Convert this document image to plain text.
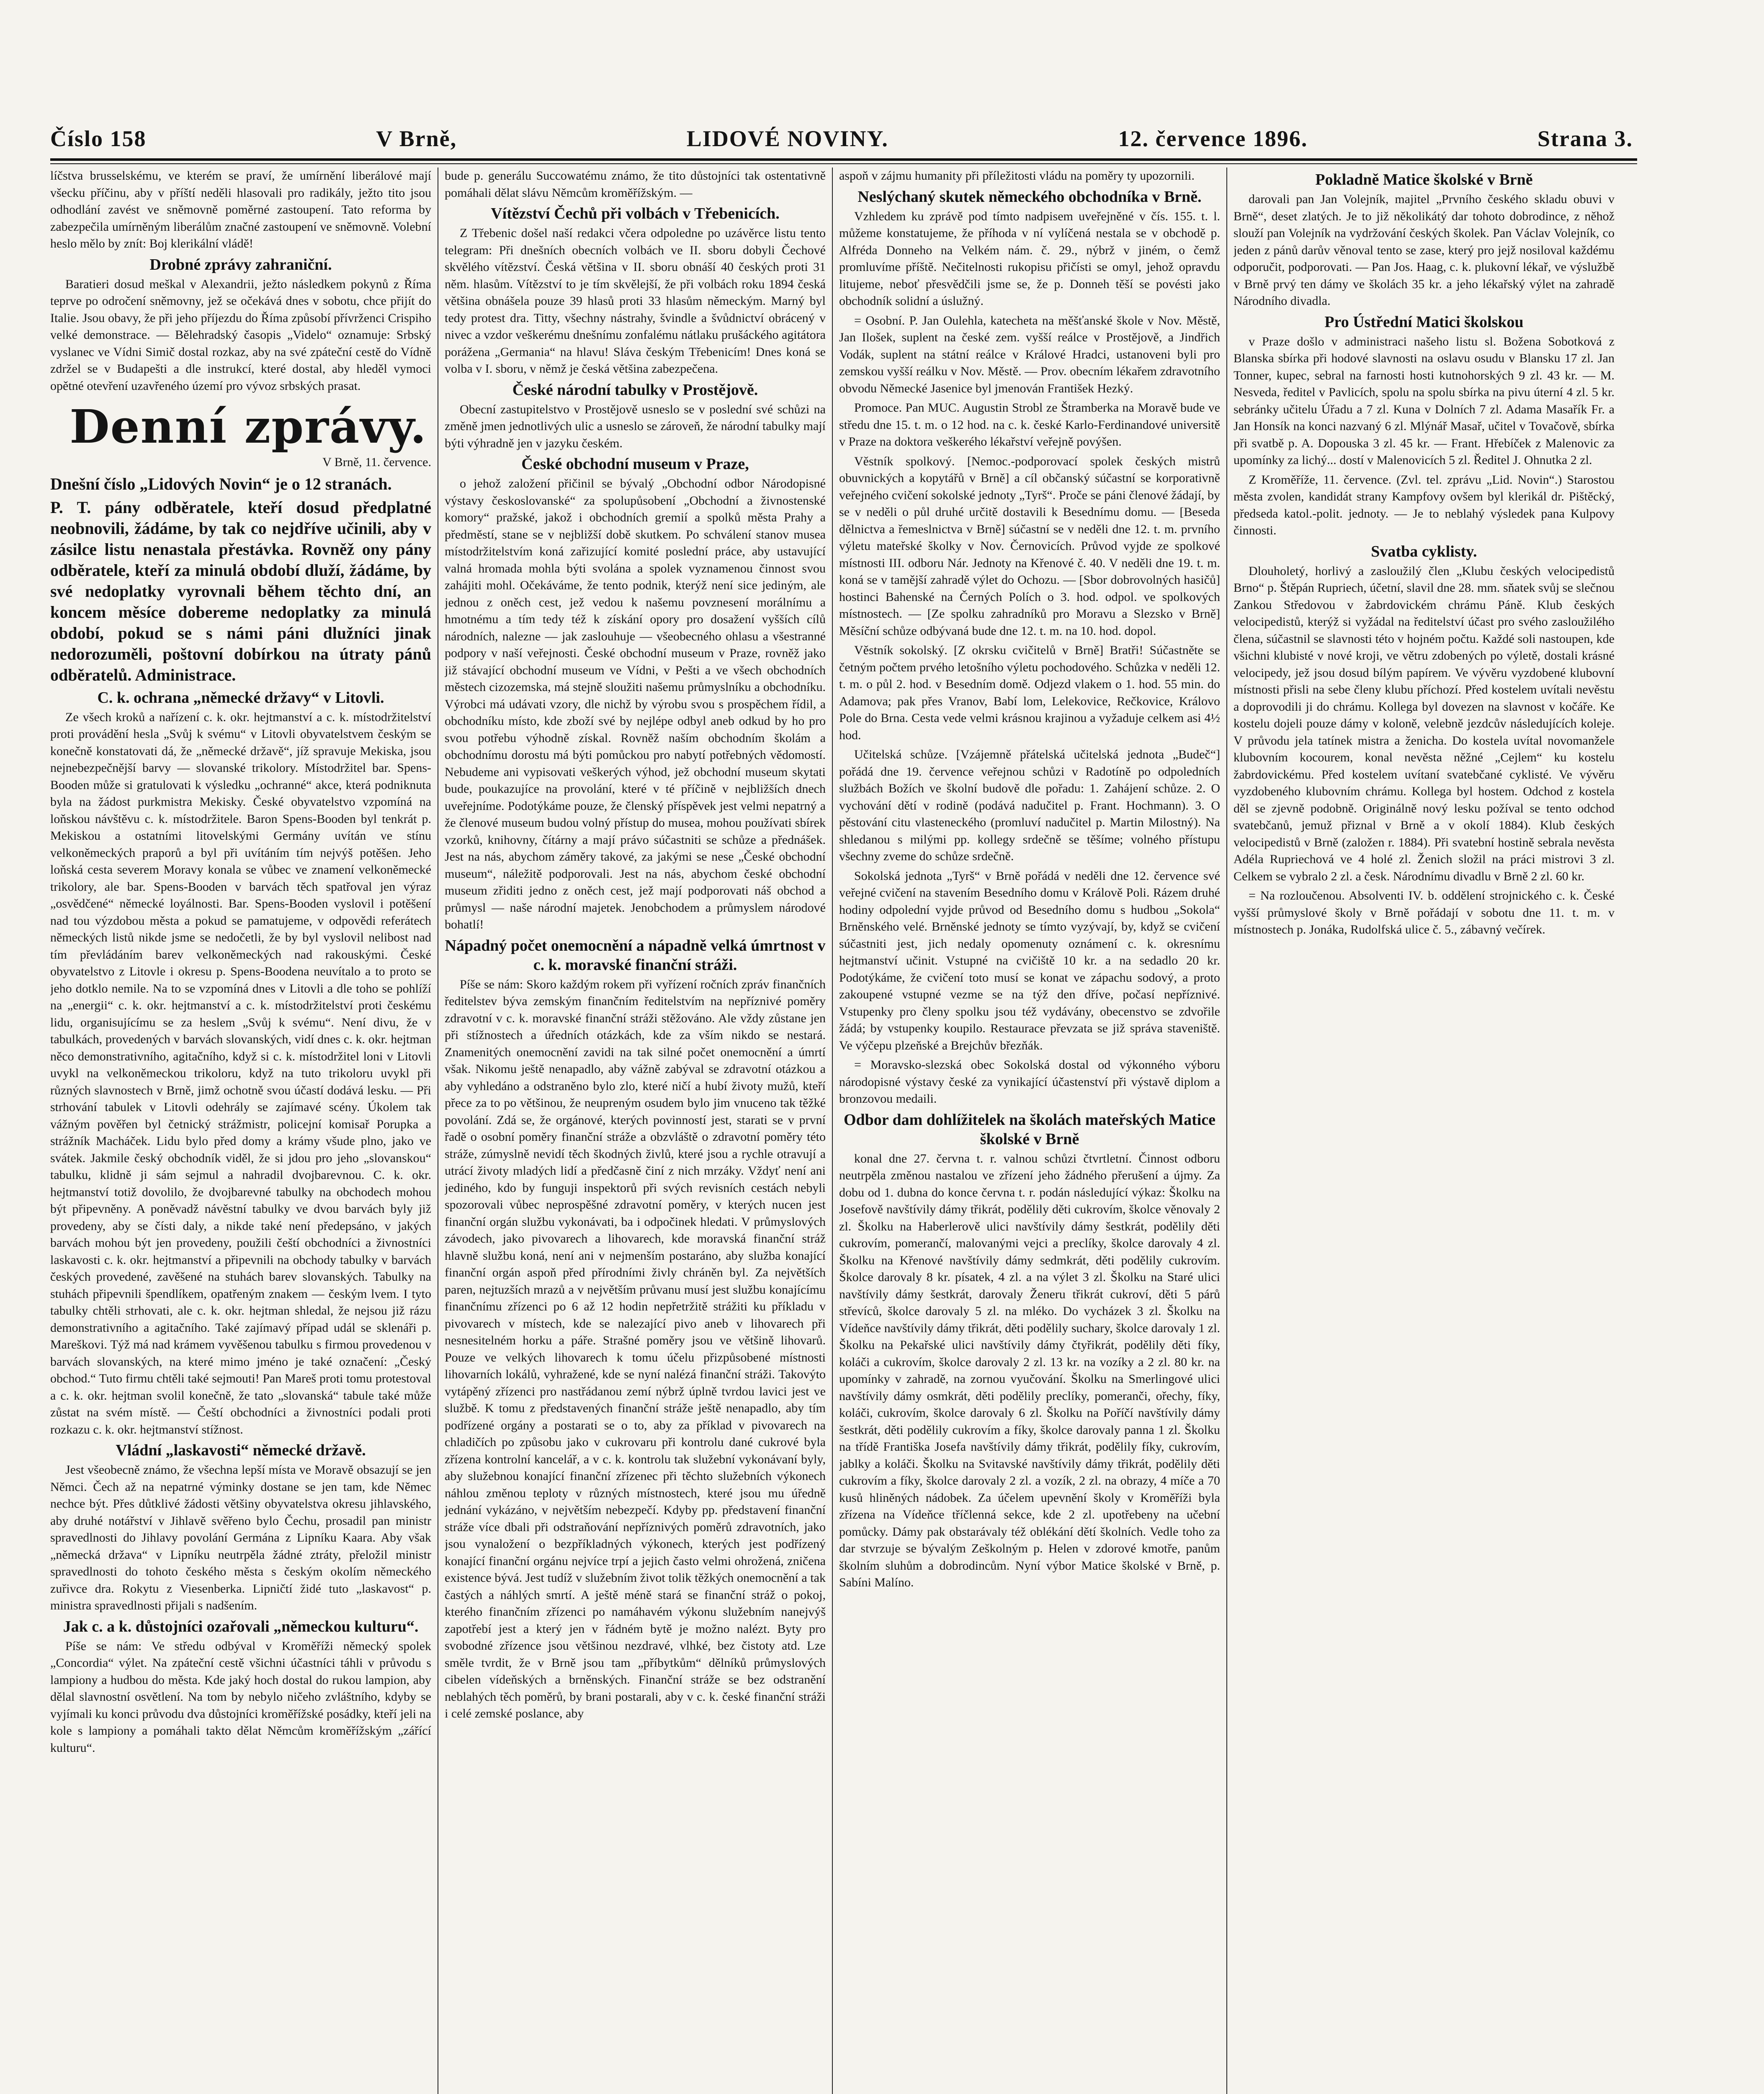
Číslo 158	V Brně,	LIDOVÉ NOVINY.	12. července 1896.	Strana 3.

líčstva brusselskému, ve kterém se praví, že umírnění liberálové mají všecku příčinu, aby v příští neděli hlasovali pro radikály, ježto tito jsou odhodlání zavést ve sněmovně poměrné zastoupení. Tato reforma by zabezpečila umírněným liberálům značné zastoupení ve sněmovně. Volební heslo mělo by znít: Boj klerikální vládě!

Drobné zprávy zahraniční.

Baratieri dosud meškal v Alexandrii, ježto následkem pokynů z Říma teprve po odročení sněmovny, jež se očekává dnes v sobotu, chce přijít do Italie. Jsou obavy, že při jeho příjezdu do Říma způsobí přívrženci Crispiho velké demonstrace. — Bělehradský časopis „Videlo“ oznamuje: Srbský vyslanec ve Vídni Simič dostal rozkaz, aby na své zpáteční cestě do Vídně zdržel se v Budapešti a dle instrukcí, které dostal, aby hleděl vymoci opětné otevření uzavřeného území pro vývoz srbských prasat.

Denní zprávy.

V Brně, 11. července.

Dnešní číslo „Lidových Novin“ je o 12 stranách.

P. T. pány odběratele, kteří dosud předplatné neobnovili, žádáme, by tak co nejdříve učinili, aby v zásilce listu nenastala přestávka. Rovněž ony pány odběratele, kteří za minulá období dluží, žádáme, by své nedoplatky vyrovnali během těchto dní, an koncem měsíce dobereme nedoplatky za minulá období, pokud se s námi páni dlužníci jinak nedorozuměli, poštovní dobírkou na útraty pánů odběratelů. Administrace.

C. k. ochrana „německé državy“ v Litovli.

Ze všech kroků a nařízení c. k. okr. hejtmanství a c. k. místodržitelství proti provádění hesla „Svůj k svému“ v Litovli obyvatelstvem českým se konečně konstatovati dá, že „německé državě“, jíž spravuje Mekiska, jsou nejnebezpečnější barvy — slovanské trikolory. Místodržitel bar. Spens-Booden může si gratulovati k výsledku „ochranné“ akce, která podniknuta byla na žádost purkmistra Mekisky. České obyvatelstvo vzpomíná na loňskou návštěvu c. k. místodržitele. Baron Spens-Booden byl tenkrát p. Mekiskou a ostatními litovelskými Germány uvítán ve stínu velkoněmeckých praporů a byl při uvítáním tím nejvýš potěšen. Jeho loňská cesta severem Moravy konala se vůbec ve znamení velkoněmecké trikolory, ale bar. Spens-Booden v barvách těch spatřoval jen výraz „osvědčené“ německé loyálnosti. Bar. Spens-Booden vyslovil i potěšení nad tou výzdobou města a pokud se pamatujeme, v odpovědi referátech německých listů nikde jsme se nedočetli, že by byl vyslovil nelibost nad tím převládáním barev velkoněmeckých nad rakouskými. České obyvatelstvo z Litovle i okresu p. Spens-Boodena neuvítalo a to proto se jeho dotklo nemile. Na to se vzpomíná dnes v Litovli a dle toho se pohlíží na „energii“ c. k. okr. hejtmanství a c. k. místodržitelství proti českému lidu, organisujícímu se za heslem „Svůj k svému“. Není divu, že v tabulkách, provedených v barvách slovanských, vidí dnes c. k. okr. hejtman něco demonstrativního, agitačního, když si c. k. místodržitel loni v Litovli uvykl na velkoněmeckou trikoloru, když na tuto trikoloru uvykl při různých slavnostech v Brně, jimž ochotně svou účastí dodává lesku. — Při strhování tabulek v Litovli odehrály se zajímavé scény. Úkolem tak vážným pověřen byl četnický strážmistr, policejní komisař Porupka a strážník Macháček. Lidu bylo před domy a krámy všude plno, jako ve svátek. Jakmile český obchodník viděl, že si jdou pro jeho „slovanskou“ tabulku, klidně ji sám sejmul a nahradil dvojbarevnou. C. k. okr. hejtmanství totiž dovolilo, že dvojbarevné tabulky na obchodech mohou být připevněny. A poněvadž návěstní tabulky ve dvou barvách byly již provedeny, aby se čísti daly, a nikde také není předepsáno, v jakých barvách mohou být jen provedeny, použili čeští obchodníci a živnostníci laskavosti c. k. okr. hejtmanství a připevnili na obchody tabulky v barvách českých provedené, zavěšené na stuhách barev slovanských. Tabulky na stuhách připevnili špendlíkem, opatřeným znakem — českým lvem. I tyto tabulky chtěli strhovati, ale c. k. okr. hejtman shledal, že nejsou již rázu demonstrativního a agitačního. Také zajímavý případ udál se sklenáři p. Mareškovi. Týž má nad krámem vyvěšenou tabulku s firmou provedenou v barvách slovanských, na které mimo jméno je také označení: „Český obchod.“ Tuto firmu chtěli také sejmouti! Pan Mareš proti tomu protestoval a c. k. okr. hejtman svolil konečně, že tato „slovanská“ tabule také může zůstat na svém místě. — Čeští obchodníci a živnostníci podali proti rozkazu c. k. okr. hejtmanství stížnost.

Vládní „laskavosti“ německé državě.

Jest všeobecně známo, že všechna lepší místa ve Moravě obsazují se jen Němci. Čech až na nepatrné výminky dostane se jen tam, kde Němec nechce být. Přes důtklivé žádosti většiny obyvatelstva okresu jihlavského, aby druhé notářství v Jihlavě svěřeno bylo Čechu, prosadil pan ministr spravedlnosti do Jihlavy povolání Germána z Lipníku Kaara. Aby však „německá država“ v Lipníku neutrpěla žádné ztráty, přeložil ministr spravedlnosti do tohoto českého města s českým okolím německého zuřivce dra. Rokytu z Viesenberka. Lipničtí židé tuto „laskavost“ p. ministra spravedlnosti přijali s nadšením.

Jak c. a k. důstojníci ozařovali „německou kulturu“.

Píše se nám: Ve středu odbýval v Kroměříži německý spolek „Concordia“ výlet. Na zpáteční cestě všichni účastníci táhli v průvodu s lampiony a hudbou do města. Kde jaký hoch dostal do rukou lampion, aby dělal slavnostní osvětlení. Na tom by nebylo ničeho zvláštního, kdyby se vyjímali ku konci průvodu dva důstojníci kroměřížské posádky, kteří jeli na kole s lampiony a pomáhali takto dělat Němcům kroměřížským „zářící kulturu“.

bude p. generálu Succowatému známo, že tito důstojníci tak ostentativně pomáhali dělat slávu Němcům kroměřížským. —

Vítězství Čechů při volbách v Třebenicích.

Z Třebenic došel naší redakci včera odpoledne po uzávěrce listu tento telegram: Při dnešních obecních volbách ve II. sboru dobyli Čechové skvělého vítězství. Česká většina v II. sboru obnáší 40 českých proti 31 něm. hlasům. Vítězství to je tím skvělejší, že při volbách roku 1894 česká většina obnášela pouze 39 hlasů proti 33 hlasům německým. Marný byl tedy protest dra. Titty, všechny nástrahy, švindle a švůdnictví obrácený v nivec a vzdor veškerému dnešnímu zonfalému nátlaku prušáckého agitátora porážena „Germania“ na hlavu! Sláva českým Třebenicím! Dnes koná se volba v I. sboru, v němž je česká většina zabezpečena.

České národní tabulky v Prostějově.

Obecní zastupitelstvo v Prostějově usneslo se v poslední své schůzi na změně jmen jednotlivých ulic a usneslo se zároveň, že národní tabulky mají býti výhradně jen v jazyku českém.

České obchodní museum v Praze,

o jehož založení přičinil se bývalý „Obchodní odbor Národopisné výstavy českoslovanské“ za spolupůsobení „Obchodní a živnostenské komory“ pražské, jakož i obchodních gremií a spolků města Prahy a předměstí, stane se v nejbližší době skutkem. Po schválení stanov musea místodržitelstvím koná zařizující komité poslední práce, aby ustavující valná hromada mohla býti svolána a spolek vyznamenou činnost svou zahájiti mohl. Očekáváme, že tento podnik, kterýž není sice jediným, ale jednou z oněch cest, jež vedou k našemu povznesení morálnímu a hmotnému a tím tedy též k získání opory pro dosažení vyšších cílů národních, nalezne — jak zaslouhuje — všeobecného ohlasu a všestranné podpory v naší veřejnosti. České obchodní museum v Praze, rovněž jako již stávající obchodní museum ve Vídni, v Pešti a ve všech obchodních městech cizozemska, má stejně sloužiti našemu průmyslníku a obchodníku. Výrobci má udávati vzory, dle nichž by výrobu svou s prospěchem řídil, a obchodníku místo, kde zboží své by nejlépe odbyl aneb odkud by ho pro svou potřebu výhodně získal. Rovněž naším obchodním školám a obchodnímu dorostu má býti pomůckou pro nabytí potřebných vědomostí. Nebudeme ani vypisovati veškerých výhod, jež obchodní museum skytati bude, poukazujíce na provolání, které v té příčině v nejbližších dnech uveřejníme. Podotýkáme pouze, že členský příspěvek jest velmi nepatrný a že členové museum budou volný přístup do musea, mohou používati sbírek vzorků, knihovny, čítárny a mají právo súčastniti se schůze a přednášek. Jest na nás, abychom záměry takové, za jakými se nese „České obchodní museum“, náležitě podporovali. Jest na nás, abychom české obchodní museum zřiditi jedno z oněch cest, jež mají podporovati náš obchod a průmysl — naše národní majetek. Jenobchodem a průmyslem národové bohatlí!

Nápadný počet onemocnění a nápadně velká úmrtnost v c. k. moravské finanční stráži.

Píše se nám: Skoro každým rokem při vyřízení ročních zpráv finančních ředitelstev býva zemským finančním ředitelstvím na nepříznivé poměry zdravotní v c. k. moravské finanční stráži stěžováno. Ale vždy zůstane jen při stížnostech a úředních otázkách, kde za vším nikdo se nestará. Znamenitých onemocnění zavidi na tak silné počet onemocnění a úmrtí však. Nikomu ještě nenapadlo, aby vážně zabýval se zdravotní otázkou a aby vyhledáno a odstraněno bylo zlo, které ničí a hubí životy mužů, kteří přece za to po většinou, že neupreným osudem bylo jim vnuceno tak těžké povolání. Zdá se, že orgánové, kterých povinností jest, starati se v první řadě o osobní poměry finanční stráže a obzvláště o zdravotní poměry této stráže, zúmyslně nevidí těch škodných živlů, které jsou a rychle otravují a utrácí životy mladých lidí a předčasně činí z nich mrzáky. Vždyť není ani jediného, kdo by funguji inspektorů při svých revisních cestách nebyli spozorovali vůbec neprospěšné zdravotní poměry, v kterých nucen jest finanční orgán službu vykonávati, ba i odpočinek hledati. V průmyslových závodech, jako pivovarech a lihovarech, kde moravská finanční stráž hlavně službu koná, není ani v nejmenším postaráno, aby služba konající finanční orgán aspoň před přírodními živly chráněn byl. Za největších paren, nejtuzších mrazů a v největším průvanu musí jest službu konajícímu finančnímu zřízenci po 6 až 12 hodin nepřetržitě strážiti ku příkladu v pivovarech v místech, kde se nalezající pivo aneb v lihovarech při nesnesitelném horku a páře. Strašné poměry jsou ve většině lihovarů. Pouze ve velkých lihovarech k tomu účelu přizpůsobené místnosti lihovarních lokálů, vyhražené, kde se nyní nalézá finanční stráži. Takovýto vytápěný zřízenci pro nastřádanou zemí nýbrž úplně tvrdou lavici jest ve službě. K tomu z představených finanční stráže ještě nenapadlo, aby tím podřízené orgány a postarati se o to, aby za příklad v pivovarech na chladičích po způsobu jako v cukrovaru při kontrolu dané cukrové byla zřízena kontrolní kancelář, a v c. k. kontrolu tak služební vykonávaní byly, aby služebnou konající finanční zřízenec při těchto služebních výkonech náhlou změnou teploty v různých místnostech, které jsou mu úředně jednání vykázáno, v největším nebezpečí. Kdyby pp. představení finanční stráže více dbali při odstraňování nepříznivých poměrů zdravotních, jako jsou vynaložení o bezpříkladných výkonech, kterých jest podřízený konající finanční orgánu nejvíce trpí a jejich často velmi ohrožená, zničena existence bývá. Jest tudíž v služebním život tolik těžkých onemocnění a tak častých a náhlých smrtí. A ještě méně stará se finanční stráž o pokoj, kterého finančním zřízenci po namáhavém výkonu služebním nanejvýš zapotřebí jest a který jen v řádném bytě je možno nalézt. Byty pro svobodné zřízence jsou většinou nezdravé, vlhké, bez čistoty atd. Lze směle tvrdit, že v Brně jsou tam „příbytkům“ dělníků průmyslových cibelen vídeňských a brněnských. Finanční stráže se bez odstranění neblahých těch poměrů, by brani postarali, aby v c. k. české finanční stráži i celé zemské poslance, aby

aspoň v zájmu humanity při příležitosti vládu na poměry ty upozornili.

Neslýchaný skutek německého obchodníka v Brně.

Vzhledem ku zprávě pod tímto nadpisem uveřejněné v čís. 155. t. l. můžeme konstatujeme, že příhoda v ní vylíčená nestala se v obchodě p. Alfréda Donneho na Velkém nám. č. 29., nýbrž v jiném, o čemž promluvíme příště. Nečitelnosti rukopisu přičísti se omyl, jehož opravdu litujeme, neboť přesvědčili jsme se, že p. Donneh těší se povésti jako obchodník solidní a úslužný.

= Osobní. P. Jan Oulehla, katecheta na měšťanské škole v Nov. Městě, Jan Ilošek, suplent na české zem. vyšší reálce v Prostějově, a Jindřich Vodák, suplent na státní reálce v Králové Hradci, ustanoveni byli pro zemskou vyšší reálku v Nov. Městě. — Prov. obecním lékařem zdravotního obvodu Německé Jasenice byl jmenován František Hezký.

Promoce. Pan MUC. Augustin Strobl ze Štramberka na Moravě bude ve středu dne 15. t. m. o 12 hod. na c. k. české Karlo-Ferdinandové universitě v Praze na doktora veškerého lékařství veřejně povýšen.

Věstník spolkový. [Nemoc.-podporovací spolek českých mistrů obuvnických a kopytářů v Brně] a cíl občanský súčastní se korporativně veřejného cvičení sokolské jednoty „Tyrš“. Proče se páni členové žádají, by se v neděli o půl druhé určitě dostavili k Besednímu domu. — [Beseda dělnictva a řemeslnictva v Brně] súčastní se v neděli dne 12. t. m. prvního výletu mateřské školky v Nov. Černovicích. Průvod vyjde ze spolkové místnosti III. odboru Nár. Jednoty na Křenové č. 40. V neděli dne 19. t. m. koná se v tamější zahradě výlet do Ochozu. — [Sbor dobrovolných hasičů] hostinci Bahenské na Černých Polích o 3. hod. odpol. ve spolkových místnostech. — [Ze spolku zahradníků pro Moravu a Slezsko v Brně] Měsíční schůze odbývaná bude dne 12. t. m. na 10. hod. dopol.

Věstník sokolský. [Z okrsku cvičitelů v Brně] Bratři! Súčastněte se četným počtem prvého letošního výletu pochodového. Schůzka v neděli 12. t. m. o půl 2. hod. v Besedním domě. Odjezd vlakem o 1. hod. 55 min. do Adamova; pak přes Vranov, Babí lom, Lelekovice, Rečkovice, Královo Pole do Brna. Cesta vede velmi krásnou krajinou a vyžaduje celkem asi 4½ hod.

Učitelská schůze. [Vzájemně přátelská učitelská jednota „Budeč“] pořádá dne 19. července veřejnou schůzi v Radotíně po odpoledních službách Božích ve školní budově dle pořadu: 1. Zahájení schůze. 2. O vychování dětí v rodině (podává nadučitel p. Frant. Hochmann). 3. O pěstování citu vlasteneckého (promluví nadučitel p. Martin Milostný). Na shledanou s milými pp. kollegy srdečně se těšíme; volného přístupu všechny zveme do schůze srdečně.

Sokolská jednota „Tyrš“ v Brně pořádá v neděli dne 12. července své veřejné cvičení na stavením Besedního domu v Králově Poli. Rázem druhé hodiny odpolední vyjde průvod od Besedního domu s hudbou „Sokola“ Brněnského velé. Brněnské jednoty se tímto vyzývají, by, když se cvičení súčastniti jest, jich nedaly opomenuty oznámení c. k. okresnímu hejtmanství učinit. Vstupné na cvičiště 10 kr. a na sedadlo 20 kr. Podotýkáme, že cvičení toto musí se konat ve zápachu sodový, a proto zakoupené vstupné vezme se na týž den dříve, počasí nepříznivé. Vstupenky pro členy spolku jsou též vydávány, obecenstvo se zdvořile žádá; by vstupenky koupilo. Restaurace převzata se již správa staveniště. Ve výčepu plzeňské a Brejchův březňák.

= Moravsko-slezská obec Sokolská dostal od výkonného výboru národopisné výstavy české za vynikající účastenství při výstavě diplom a bronzovou medaili.

Odbor dam dohlížitelek na školách mateřských Matice školské v Brně

konal dne 27. června t. r. valnou schůzi čtvrtletní. Činnost odboru neutrpěla změnou nastalou ve zřízení jeho žádného přerušení a újmy. Za dobu od 1. dubna do konce června t. r. podán následující výkaz: Školku na Josefově navštívily dámy třikrát, podělily děti cukrovím, školce věnovaly 2 zl. Školku na Haberlerově ulici navštívily dámy šestkrát, podělily děti cukrovím, pomerančí, malovanými vejci a preclíky, školce darovaly 4 zl. Školku na Křenové navštívily dámy sedmkrát, děti podělily cukrovím. Školce darovaly 8 kr. písatek, 4 zl. a na výlet 3 zl. Školku na Staré ulici navštívily dámy šestkrát, darovaly Ženeru třikrát cukroví, děti 5 párů střevíců, školce darovaly 5 zl. na mléko. Do vycházek 3 zl. Školku na Vídeňce navštívily dámy třikrát, děti podělily suchary, školce darovaly 1 zl. Školku na Pekařské ulici navštívily dámy čtyřikrát, podělily děti fíky, koláči a cukrovím, školce darovaly 2 zl. 13 kr. na vozíky a 2 zl. 80 kr. na upomínky v zahradě, na zornou vyučování. Školku na Smerlingové ulici navštívily dámy osmkrát, děti podělily preclíky, pomeranči, ořechy, fíky, koláči, cukrovím, školce darovaly 6 zl. Školku na Poříčí navštívily dámy šestkrát, děti podělily cukrovím a fíky, školce darovaly panna 1 zl. Školku na třídě Františka Josefa navštívily dámy třikrát, podělily fíky, cukrovím, jablky a koláči. Školku na Svitavské navštívily dámy třikrát, podělily děti cukrovím a fíky, školce darovaly 2 zl. a vozík, 2 zl. na obrazy, 4 míče a 70 kusů hliněných nádobek. Za účelem upevnění školy v Kroměříži byla zřízena na Vídeňce tříčlenná sekce, kde 2 zl. upotřebeny na učební pomůcky. Dámy pak obstarávaly též oblékání dětí školních. Vedle toho za dar stvrzuje se bývalým Zeškolným p. Helen v zdorové kmotře, panům školním sluhům a dobrodincům. Nyní výbor Matice školské v Brně, p. Sabíni Malíno.

Pokladně Matice školské v Brně

darovali pan Jan Volejník, majitel „Prvního českého skladu obuvi v Brně“, deset zlatých. Je to již několikátý dar tohoto dobrodince, z něhož slouží pan Volejník na vydržování českých školek. Pan Václav Volejník, co jeden z pánů darův věnoval tento se zase, který pro jejž nosiloval každému odporučit, podporovati. — Pan Jos. Haag, c. k. plukovní lékař, ve výslužbě v Brně prvý ten dámy ve školách 35 kr. a jeho lékařský výlet na zahradě Národního divadla.

Pro Ústřední Matici školskou

v Praze došlo v administraci našeho listu sl. Božena Sobotková z Blanska sbírka při hodové slavnosti na oslavu osudu v Blansku 17 zl. Jan Tonner, kupec, sebral na farnosti hosti kutnohorských 9 zl. 43 kr. — M. Nesveda, ředitel v Pavlicích, spolu na spolu sbírka na pivu úterní 4 zl. 5 kr. sebránky učitelu Úřadu a 7 zl. Kuna v Dolních 7 zl. Adama Masařík Fr. a Jan Honsík na konci nazvaný 6 zl. Mlýnář Masař, učitel v Tovačově, sbírka při svatbě p. A. Dopouska 3 zl. 45 kr. — Frant. Hřebíček z Malenovic za upomínky za lichý... dostí v Malenovicích 5 zl. Ředitel J. Ohnutka 2 zl.

Z Kroměříže, 11. července. (Zvl. tel. zprávu „Lid. Novin“.) Starostou města zvolen, kandidát strany Kampfovy ovšem byl klerikál dr. Pištěcký, předseda katol.-polit. jednoty. — Je to neblahý výsledek pana Kulpovy činnosti.

Svatba cyklisty.

Dlouholetý, horlivý a zasloužilý člen „Klubu českých velocipedistů Brno“ p. Štěpán Rupriech, účetní, slavil dne 28. mm. sňatek svůj se slečnou Zankou Středovou v žabrdovickém chrámu Páně. Klub českých velocipedistů, kterýž si vyžádal na ředitelství účast pro svého zasloužilého člena, súčastnil se slavnosti této v hojném počtu. Každé soli nastoupen, kde všichni klubisté v nové kroji, ve větru zdobených po výletě, dostali krásné velocipedy, jež jsou dosud bílým papírem. Ve vývěru vyzdobené klubovní místnosti přisli na sebe členy klubu příchozí. Před kostelem uvítali nevěstu a doprovodili ji do chrámu. Kollega byl dovezen na slavnost v kočáře. Ke kostelu dojeli pouze dámy v koloně, velebně jezdcův následujících koleje. V průvodu jela tatínek mistra a ženicha. Do kostela uvítal novomanžele klubovním kocourem, konal nevěsta něžné „Cejlem“ ku kostelu žabrdovickému. Před kostelem uvítaní svatebčané cyklisté. Ve vývěru vyzdobeného klubovním chrámu. Kollega byl hostem. Odchod z kostela děl se zjevně podobně. Originálně nový lesku požíval se tento odchod svatebčanů, jemuž přiznal v Brně a v okolí 1884). Klub českých velocipedistů v Brně (založen r. 1884). Při svatební hostině sebrala nevěsta Adéla Rupriechová ve 4 holé zl. Ženich složil na práci mistrovi 3 zl. Celkem se vybralo 2 zl. a česk. Národnímu divadlu v Brně 2 zl. 60 kr.

= Na rozloučenou. Absolventi IV. b. oddělení strojnického c. k. České vyšší průmyslové školy v Brně pořádají v sobotu dne 11. t. m. v místnostech p. Jonáka, Rudolfská ulice č. 5., zábavný večírek.
